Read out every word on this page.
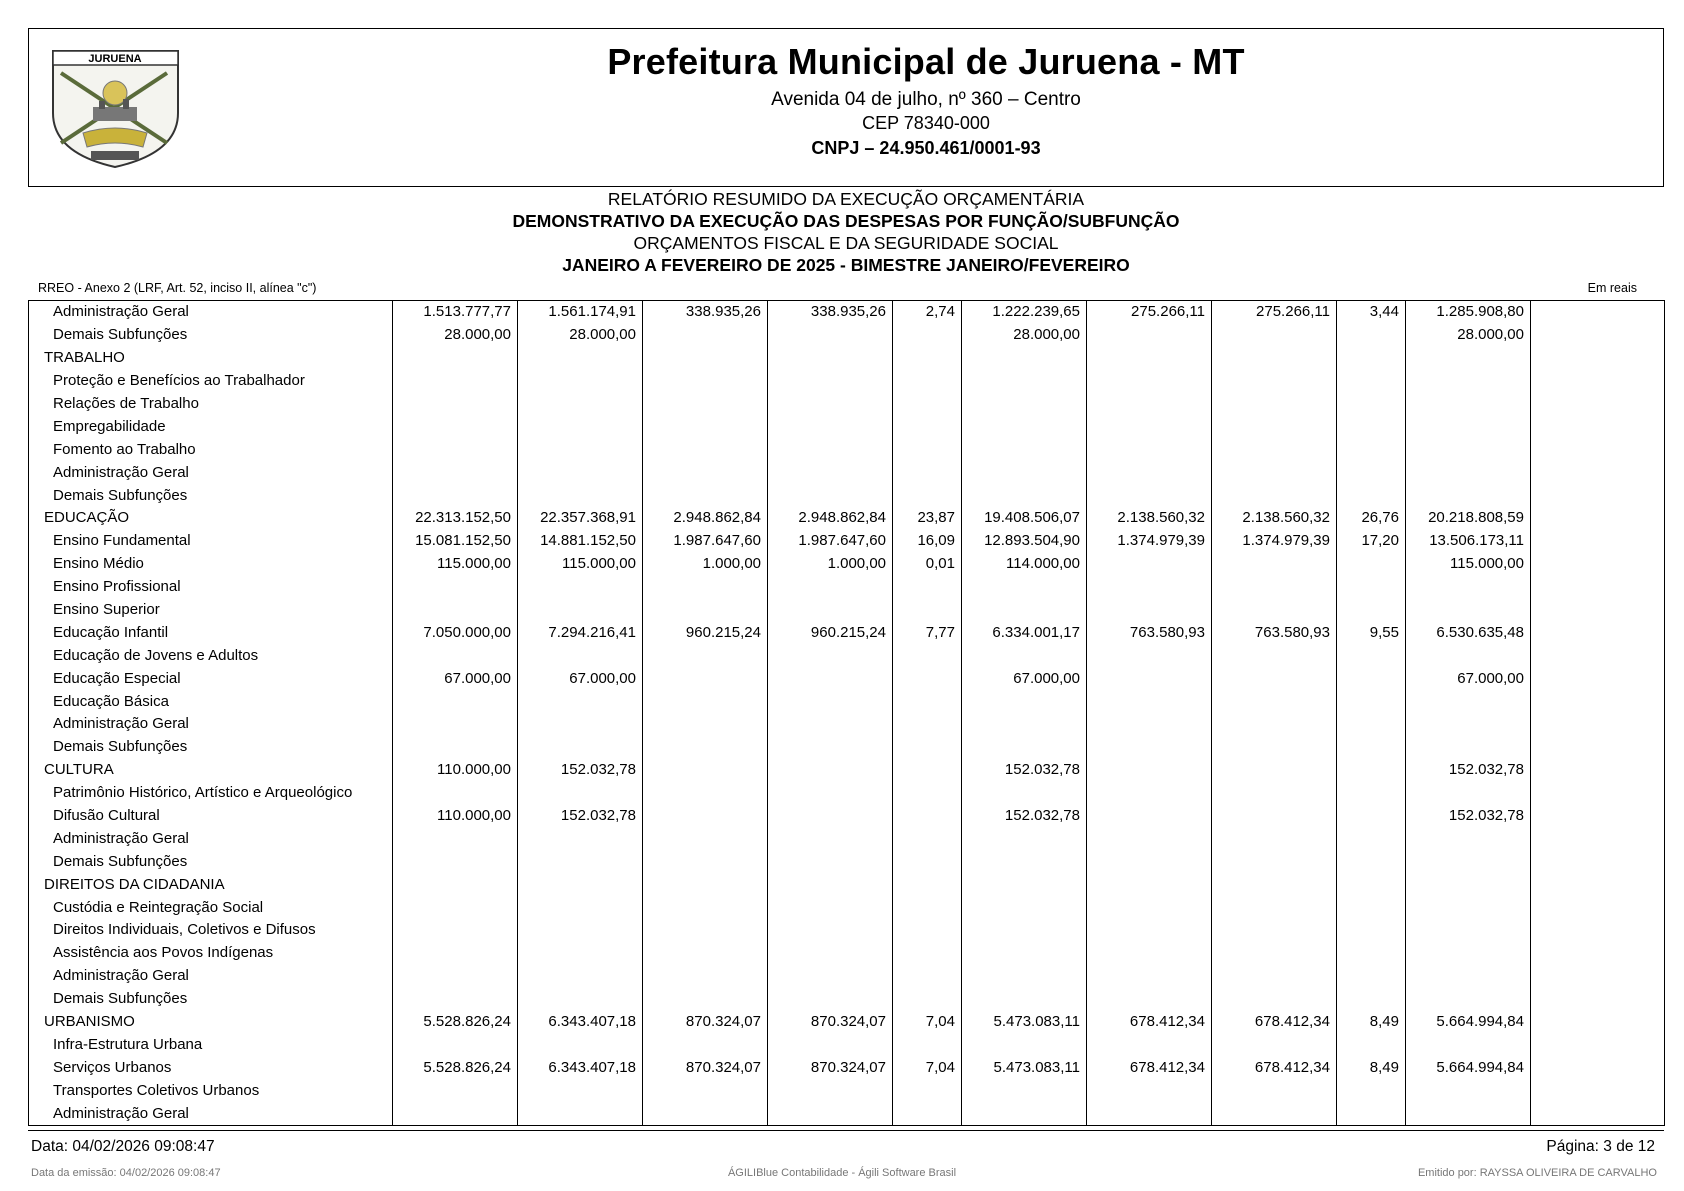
JURUENA	Prefeitura Municipal de Juruena - MT
Avenida 04 de julho, nº 360 – Centro
CEP 78340-000
CNPJ – 24.950.461/0001-93
RELATÓRIO RESUMIDO DA EXECUÇÃO ORÇAMENTÁRIA
DEMONSTRATIVO DA EXECUÇÃO DAS DESPESAS POR FUNÇÃO/SUBFUNÇÃO
ORÇAMENTOS FISCAL E DA SEGURIDADE SOCIAL
JANEIRO A FEVEREIRO DE 2025 - BIMESTRE JANEIRO/FEVEREIRO
RREO - Anexo 2 (LRF, Art. 52, inciso II, alínea "c")	Em reais
Administração Geral	1.513.777,77	1.561.174,91	338.935,26	338.935,26	2,74	1.222.239,65	275.266,11	275.266,11	3,44	1.285.908,80	
Demais Subfunções	28.000,00	28.000,00				28.000,00				28.000,00	
TRABALHO											
Proteção e Benefícios ao Trabalhador											
Relações de Trabalho											
Empregabilidade											
Fomento ao Trabalho											
Administração Geral											
Demais Subfunções											
EDUCAÇÃO	22.313.152,50	22.357.368,91	2.948.862,84	2.948.862,84	23,87	19.408.506,07	2.138.560,32	2.138.560,32	26,76	20.218.808,59	
Ensino Fundamental	15.081.152,50	14.881.152,50	1.987.647,60	1.987.647,60	16,09	12.893.504,90	1.374.979,39	1.374.979,39	17,20	13.506.173,11	
Ensino Médio	115.000,00	115.000,00	1.000,00	1.000,00	0,01	114.000,00				115.000,00	
Ensino Profissional											
Ensino Superior											
Educação Infantil	7.050.000,00	7.294.216,41	960.215,24	960.215,24	7,77	6.334.001,17	763.580,93	763.580,93	9,55	6.530.635,48	
Educação de Jovens e Adultos											
Educação Especial	67.000,00	67.000,00				67.000,00				67.000,00	
Educação Básica											
Administração Geral											
Demais Subfunções											
CULTURA	110.000,00	152.032,78				152.032,78				152.032,78	
Patrimônio Histórico, Artístico e Arqueológico											
Difusão Cultural	110.000,00	152.032,78				152.032,78				152.032,78	
Administração Geral											
Demais Subfunções											
DIREITOS DA CIDADANIA											
Custódia e Reintegração Social											
Direitos Individuais, Coletivos e Difusos											
Assistência aos Povos Indígenas											
Administração Geral											
Demais Subfunções											
URBANISMO	5.528.826,24	6.343.407,18	870.324,07	870.324,07	7,04	5.473.083,11	678.412,34	678.412,34	8,49	5.664.994,84	
Infra-Estrutura Urbana											
Serviços Urbanos	5.528.826,24	6.343.407,18	870.324,07	870.324,07	7,04	5.473.083,11	678.412,34	678.412,34	8,49	5.664.994,84	
Transportes Coletivos Urbanos											
Administração Geral											
Data: 04/02/2026 09:08:47	Página: 3 de 12
Data da emissão: 04/02/2026 09:08:47	ÁGILIBlue Contabilidade - Ágili Software Brasil	Emitido por: RAYSSA OLIVEIRA DE CARVALHO
